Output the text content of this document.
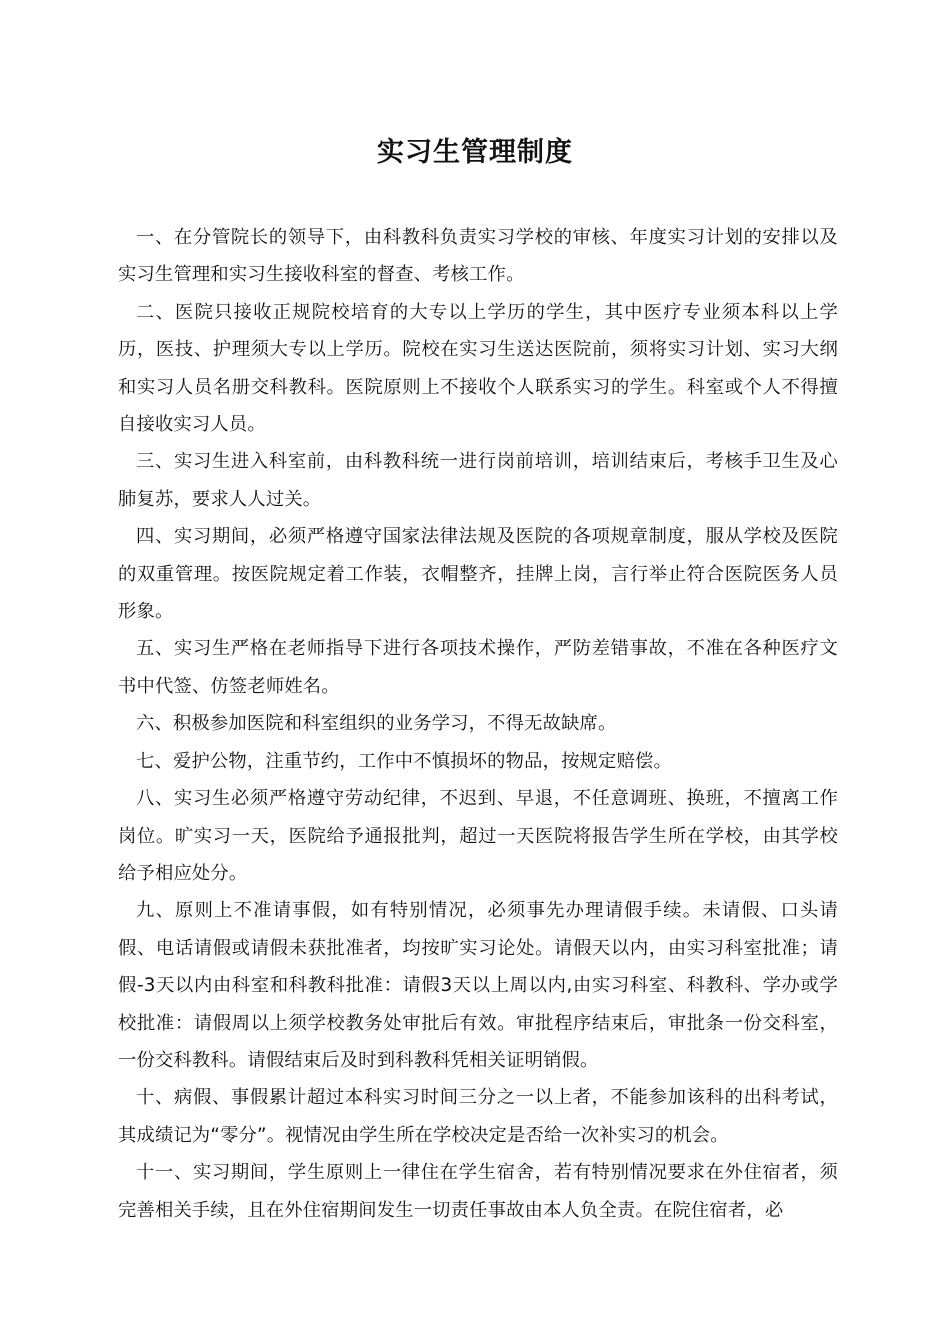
实习生管理制度

一、在分管院长的领导下，由科教科负责实习学校的审核、年度实习计划的安排以及实习生管理和实习生接收科室的督查、考核工作。

二、医院只接收正规院校培育的大专以上学历的学生，其中医疗专业须本科以上学历，医技、护理须大专以上学历。院校在实习生送达医院前，须将实习计划、实习大纲和实习人员名册交科教科。医院原则上不接收个人联系实习的学生。科室或个人不得擅自接收实习人员。

三、实习生进入科室前，由科教科统一进行岗前培训，培训结束后，考核手卫生及心肺复苏，要求人人过关。

四、实习期间，必须严格遵守国家法律法规及医院的各项规章制度，服从学校及医院的双重管理。按医院规定着工作装，衣帽整齐，挂牌上岗，言行举止符合医院医务人员形象。

五、实习生严格在老师指导下进行各项技术操作，严防差错事故，不准在各种医疗文书中代签、仿签老师姓名。

六、积极参加医院和科室组织的业务学习，不得无故缺席。

七、爱护公物，注重节约，工作中不慎损坏的物品，按规定赔偿。

八、实习生必须严格遵守劳动纪律，不迟到、早退，不任意调班、换班，不擅离工作岗位。旷实习一天，医院给予通报批判，超过一天医院将报告学生所在学校，由其学校给予相应处分。

九、原则上不准请事假，如有特别情况，必须事先办理请假手续。未请假、口头请假、电话请假或请假未获批准者，均按旷实习论处。请假天以内，由实习科室批准；请假-3天以内由科室和科教科批准：请假3天以上周以内,由实习科室、科教科、学办或学校批准：请假周以上须学校教务处审批后有效。审批程序结束后，审批条一份交科室，一份交科教科。请假结束后及时到科教科凭相关证明销假。

十、病假、事假累计超过本科实习时间三分之一以上者，不能参加该科的出科考试，其成绩记为“零分”。视情况由学生所在学校决定是否给一次补实习的机会。

十一、实习期间，学生原则上一律住在学生宿舍，若有特别情况要求在外住宿者，须完善相关手续，且在外住宿期间发生一切责任事故由本人负全责。在院住宿者，必
